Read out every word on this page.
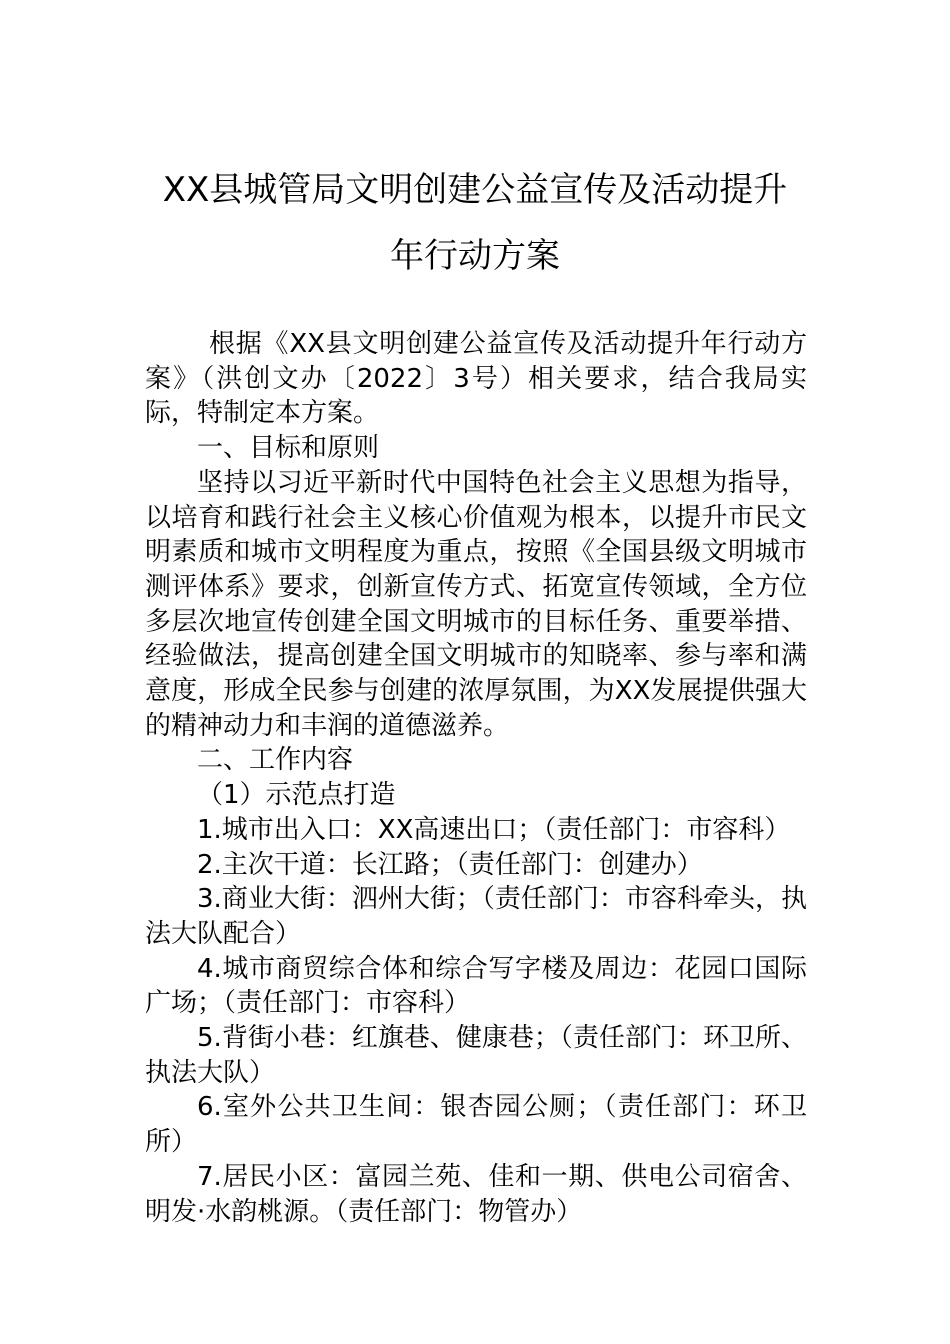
XX县城管局文明创建公益宣传及活动提升
年行动方案

根据《XX县文明创建公益宣传及活动提升年行动方案》（洪创文办〔2022〕3号）相关要求，结合我局实际，特制定本方案。

一、目标和原则

坚持以习近平新时代中国特色社会主义思想为指导，以培育和践行社会主义核心价值观为根本，以提升市民文明素质和城市文明程度为重点，按照《全国县级文明城市测评体系》要求，创新宣传方式、拓宽宣传领域，全方位多层次地宣传创建全国文明城市的目标任务、重要举措、经验做法，提高创建全国文明城市的知晓率、参与率和满意度，形成全民参与创建的浓厚氛围，为XX发展提供强大的精神动力和丰润的道德滋养。

二、工作内容

（1）示范点打造

1.城市出入口：XX高速出口；（责任部门：市容科）

2.主次干道：长江路；（责任部门：创建办）

3.商业大街：泗州大街；（责任部门：市容科牵头，执法大队配合）

4.城市商贸综合体和综合写字楼及周边：花园口国际广场；（责任部门：市容科）

5.背街小巷：红旗巷、健康巷；（责任部门：环卫所、执法大队）

6.室外公共卫生间：银杏园公厕；（责任部门：环卫所）

7.居民小区：富园兰苑、佳和一期、供电公司宿舍、明发·水韵桃源。（责任部门：物管办）
